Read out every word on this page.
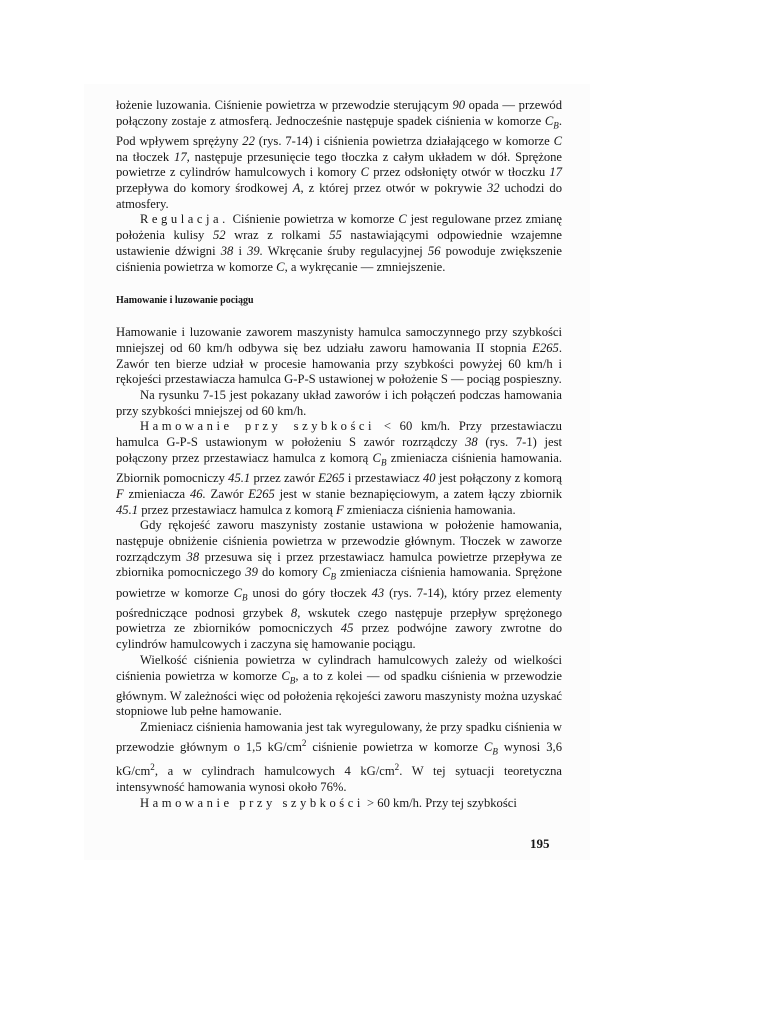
łożenie luzowania. Ciśnienie powietrza w przewodzie sterującym 90 opada — przewód połączony zostaje z atmosferą. Jednocześnie następuje spadek ciśnienia w komorze $C_B$. Pod wpływem sprężyny 22 (rys. 7-14) i ciśnienia powietrza działającego w komorze C na tłoczek 17, następuje przesunięcie tego tłoczka z całym układem w dół. Sprężone powietrze z cylindrów hamulcowych i komory C przez odsłonięty otwór w tłoczku 17 przepływa do komory środkowej A, z której przez otwór w pokrywie 32 uchodzi do atmosfery.

Regulacja. Ciśnienie powietrza w komorze C jest regulowane przez zmianę położenia kulisy 52 wraz z rolkami 55 nastawiającymi odpowiednie wzajemne ustawienie dźwigni 38 i 39. Wkręcanie śruby regulacyjnej 56 powoduje zwiększenie ciśnienia powietrza w komorze C, a wykręcanie — zmniejszenie.

Hamowanie i luzowanie pociągu

Hamowanie i luzowanie zaworem maszynisty hamulca samoczynnego przy szybkości mniejszej od 60 km/h odbywa się bez udziału zaworu hamowania II stopnia E265. Zawór ten bierze udział w procesie hamowania przy szybkości powyżej 60 km/h i rękojeści przestawiacza hamulca G-P-S ustawionej w położenie S — pociąg pospieszny.

Na rysunku 7-15 jest pokazany układ zaworów i ich połączeń podczas hamowania przy szybkości mniejszej od 60 km/h.

Hamowanie przy szybkości < 60 km/h. Przy przestawiaczu hamulca G-P-S ustawionym w położeniu S zawór rozrządczy 38 (rys. 7-1) jest połączony przez przestawiacz hamulca z komorą $C_B$ zmieniacza ciśnienia hamowania. Zbiornik pomocniczy 45.1 przez zawór E265 i przestawiacz 40 jest połączony z komorą F zmieniacza 46. Zawór E265 jest w stanie beznapięciowym, a zatem łączy zbiornik 45.1 przez przestawiacz hamulca z komorą F zmieniacza ciśnienia hamowania.

Gdy rękojeść zaworu maszynisty zostanie ustawiona w położenie hamowania, następuje obniżenie ciśnienia powietrza w przewodzie głównym. Tłoczek w zaworze rozrządczym 38 przesuwa się i przez przestawiacz hamulca powietrze przepływa ze zbiornika pomocniczego 39 do komory $C_B$ zmieniacza ciśnienia hamowania. Sprężone powietrze w komorze $C_B$ unosi do góry tłoczek 43 (rys. 7-14), który przez elementy pośredniczące podnosi grzybek 8, wskutek czego następuje przepływ sprężonego powietrza ze zbiorników pomocniczych 45 przez podwójne zawory zwrotne do cylindrów hamulcowych i zaczyna się hamowanie pociągu.

Wielkość ciśnienia powietrza w cylindrach hamulcowych zależy od wielkości ciśnienia powietrza w komorze $C_B$, a to z kolei — od spadku ciśnienia w przewodzie głównym. W zależności więc od położenia rękojeści zaworu maszynisty można uzyskać stopniowe lub pełne hamowanie.

Zmieniacz ciśnienia hamowania jest tak wyregulowany, że przy spadku ciśnienia w przewodzie głównym o 1,5 $kG/cm^2$ ciśnienie powietrza w komorze $C_B$ wynosi 3,6 $kG/cm^2$, a w cylindrach hamulcowych 4 $kG/cm^2$. W tej sytuacji teoretyczna intensywność hamowania wynosi około 76%.

Hamowanie przy szybkości > 60 km/h. Przy tej szybkości

195
